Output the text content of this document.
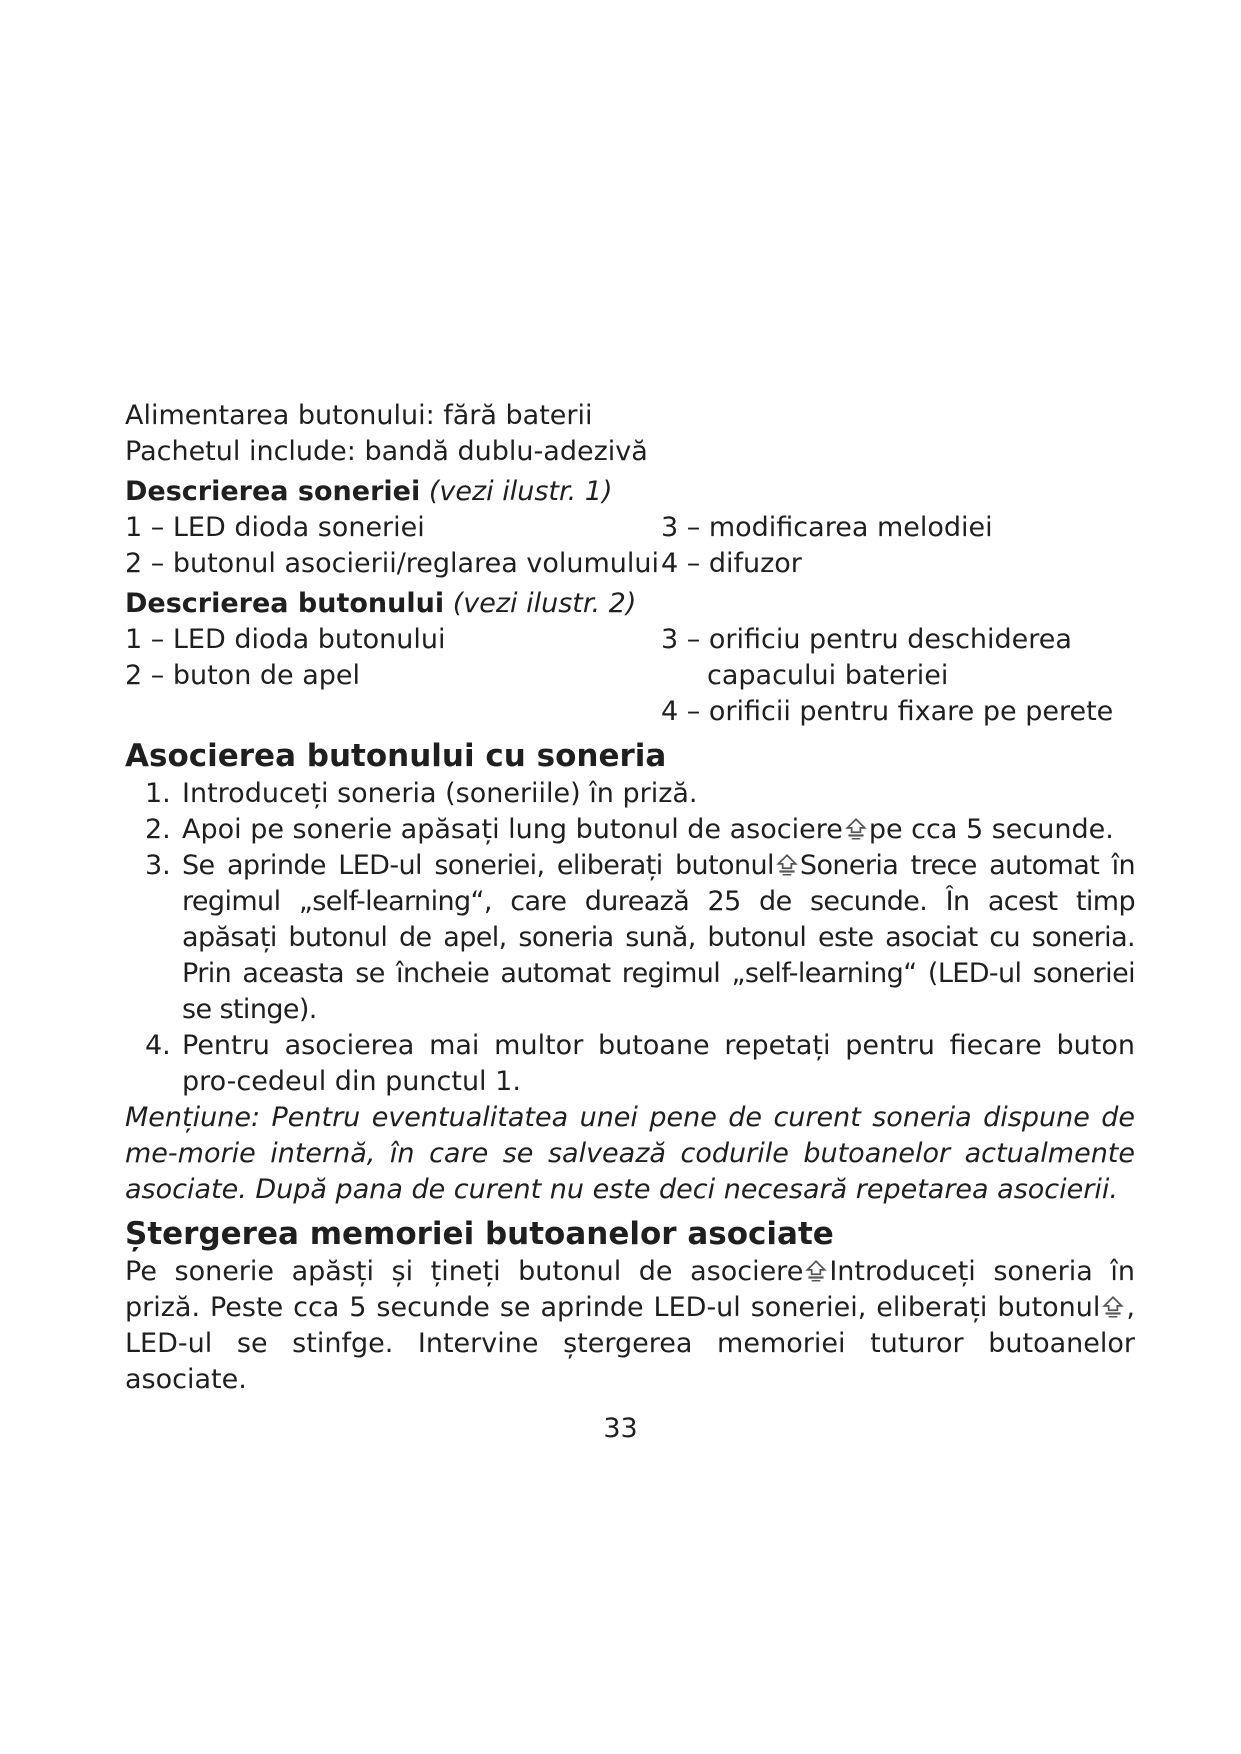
Alimentarea butonului: fără baterii
Pachetul include: bandă dublu-adezivă
Descrierea soneriei (vezi ilustr. 1)
1 – LED dioda soneriei
2 – butonul asocierii/reglarea volumului
3 – modificarea melodiei
4 – difuzor
Descrierea butonului (vezi ilustr. 2)
1 – LED dioda butonului
2 – buton de apel
3 – orificiu pentru deschiderea capacului bateriei
4 – orificii pentru fixare pe perete
Asocierea butonului cu soneria
1. Introduceți soneria (soneriile) în priză.
2. Apoi pe sonerie apăsați lung butonul de asociere pe cca 5 secunde.
3. Se aprinde LED-ul soneriei, eliberați butonul Soneria trece automat în regimul „self-learning“, care durează 25 de secunde. În acest timp apăsați butonul de apel, soneria sună, butonul este asociat cu soneria. Prin aceasta se încheie automat regimul „self-learning“ (LED-ul soneriei se stinge).
4. Pentru asocierea mai multor butoane repetați pentru fiecare buton pro-cedeul din punctul 1.
Mențiune: Pentru eventualitatea unei pene de curent soneria dispune de me-morie internă, în care se salvează codurile butoanelor actualmente asociate. După pana de curent nu este deci necesară repetarea asocierii.
Ștergerea memoriei butoanelor asociate
Pe sonerie apăsți și țineți butonul de asociere Introduceți soneria în priză. Peste cca 5 secunde se aprinde LED-ul soneriei, eliberați butonul , LED-ul se stinfge. Intervine ștergerea memoriei tuturor butoanelor asociate.
33
